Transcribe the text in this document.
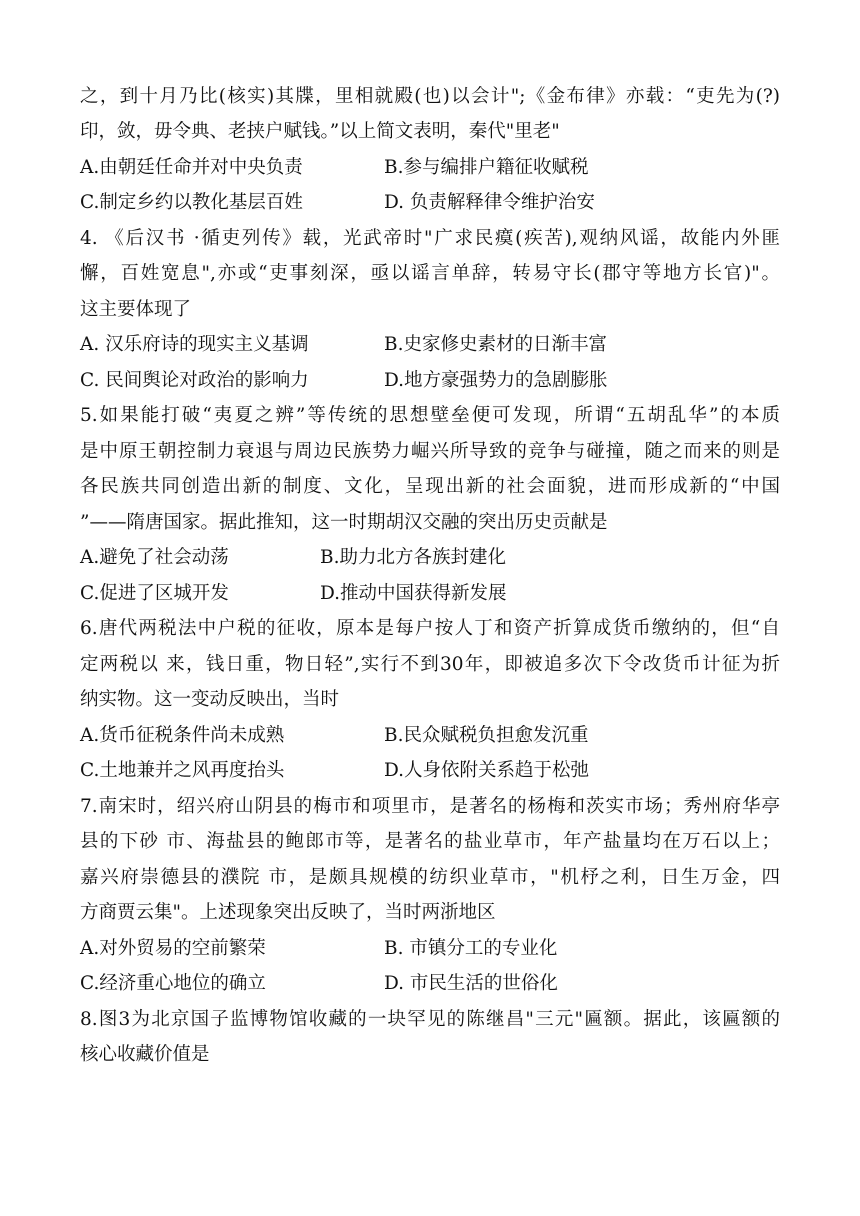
之，到十月乃比(核实)其牒，里相就殿(也)以会计";《金布律》亦载：“吏先为(?)
印，敛，毋令典、老挟户赋钱。”以上简文表明，秦代"里老"
A.由朝廷任命并对中央负责	B.参与编排户籍征收赋税
C.制定乡约以教化基层百姓	D. 负责解释律令维护治安
4. 《后汉书 ·循吏列传》载，光武帝时"广求民瘼(疾苦),观纳风谣，故能内外匪
懈，百姓宽息",亦或“吏事刻深，亟以谣言单辞，转易守长(郡守等地方长官)"。
这主要体现了
A. 汉乐府诗的现实主义基调	B.史家修史素材的日渐丰富
C. 民间舆论对政治的影响力	D.地方豪强势力的急剧膨胀
5.如果能打破“夷夏之辨”等传统的思想壁垒便可发现，所谓“五胡乱华”的本质
是中原王朝控制力衰退与周边民族势力崛兴所导致的竞争与碰撞，随之而来的则是
各民族共同创造出新的制度、文化，呈现出新的社会面貌，进而形成新的“中国
”——隋唐国家。据此推知，这一时期胡汉交融的突出历史贡献是
A.避免了社会动荡	B.助力北方各族封建化
C.促进了区城开发	D.推动中国获得新发展
6.唐代两税法中户税的征收，原本是每户按人丁和资产折算成货币缴纳的，但“自
定两税以 来，钱日重，物日轻”,实行不到30年，即被追多次下令改货币计征为折
纳实物。这一变动反映出，当时
A.货币征税条件尚未成熟	B.民众赋税负担愈发沉重
C.土地兼并之风再度抬头	D.人身依附关系趋于松弛
7.南宋时，绍兴府山阴县的梅市和项里市，是著名的杨梅和茨实市场；秀州府华亭
县的下砂 市、海盐县的鲍郎市等，是著名的盐业草市，年产盐量均在万石以上；
嘉兴府崇德县的濮院 市，是颇具规模的纺织业草市，"机杼之利，日生万金，四
方商贾云集"。上述现象突出反映了，当时两浙地区
A.对外贸易的空前繁荣	B. 市镇分工的专业化
C.经济重心地位的确立	D. 市民生活的世俗化
8.图3为北京国子监博物馆收藏的一块罕见的陈继昌"三元"匾额。据此，该匾额的
核心收藏价值是
